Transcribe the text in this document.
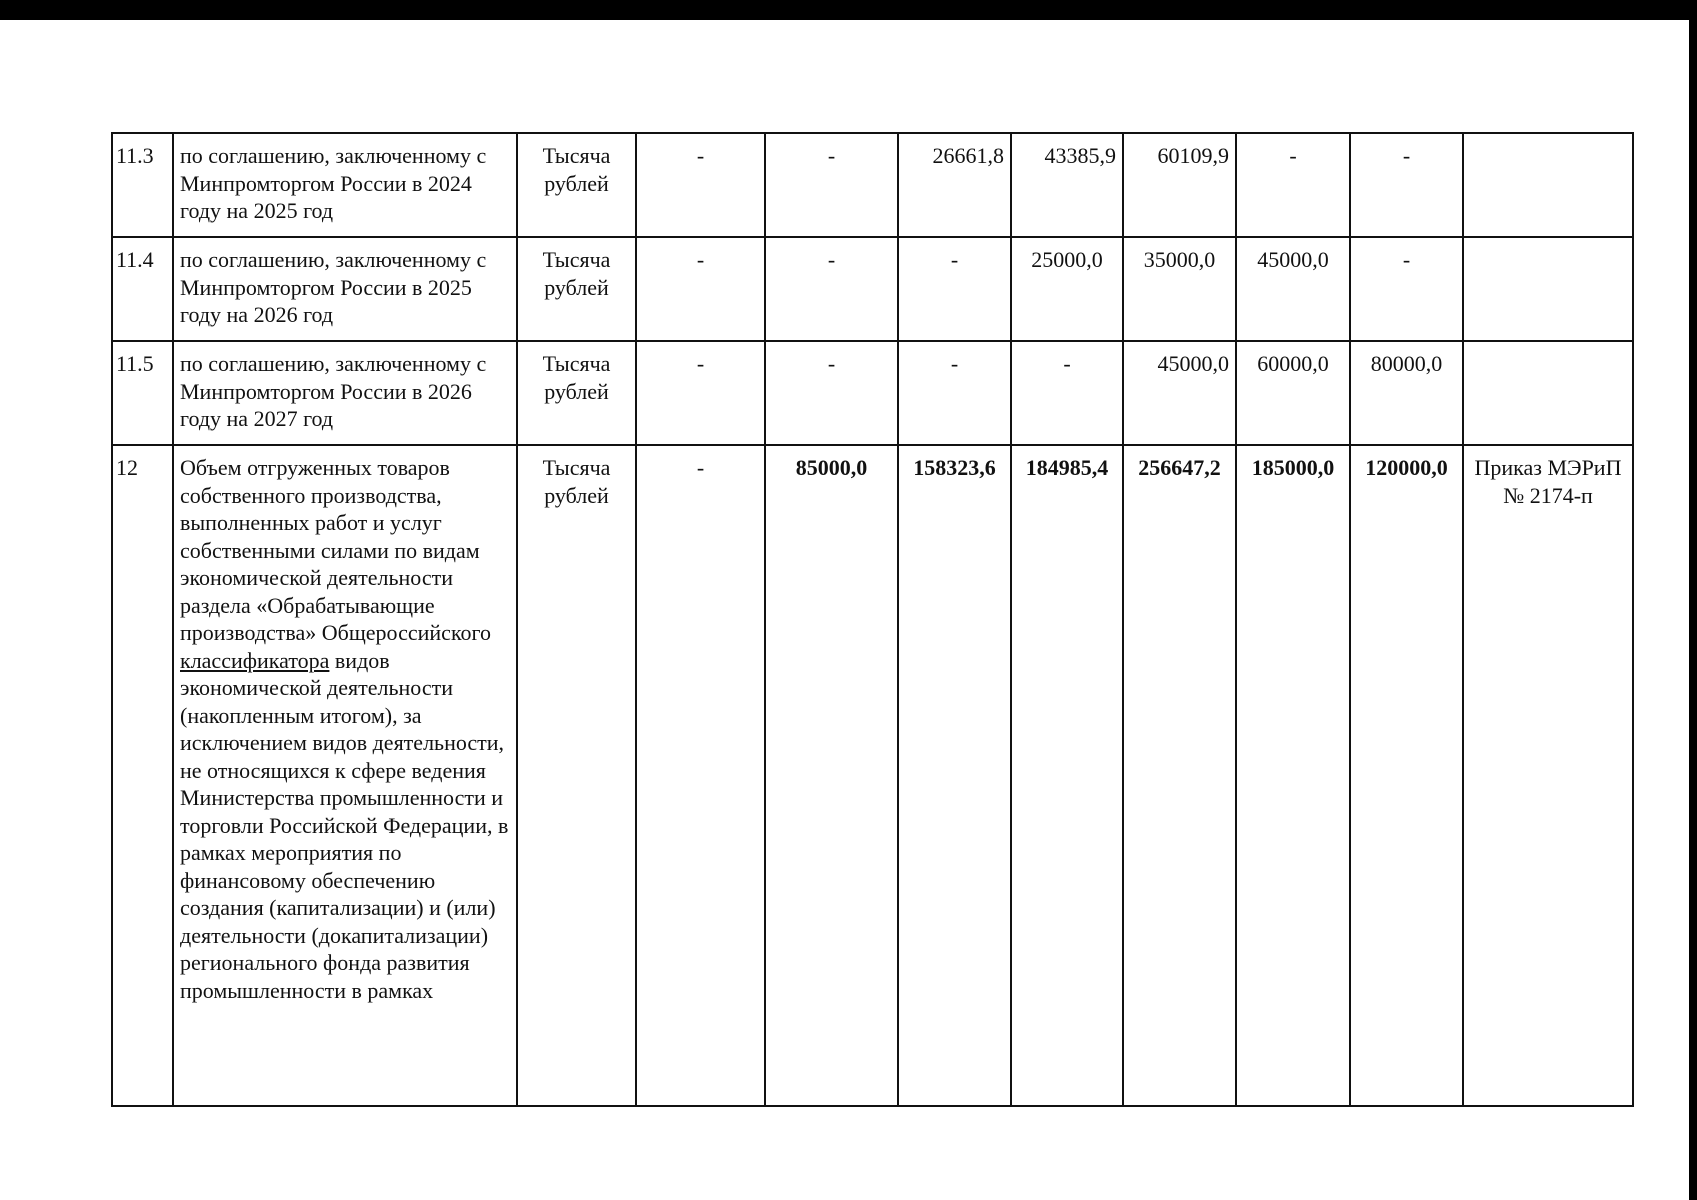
11.3	по соглашению, заключенному с Минпромторгом России в 2024 году на 2025 год	Тысяча рублей	-	-	26661,8	43385,9	60109,9	-	-	
11.4	по соглашению, заключенному с Минпромторгом России в 2025 году на 2026 год	Тысяча рублей	-	-	-	25000,0	35000,0	45000,0	-	
11.5	по соглашению, заключенному с Минпромторгом России в 2026 году на 2027 год	Тысяча рублей	-	-	-	-	45000,0	60000,0	80000,0	
12	Объем отгруженных товаров собственного производства, выполненных работ и услуг собственными силами по видам экономической деятельности раздела «Обрабатывающие производства» Общероссийского классификатора видов экономической деятельности (накопленным итогом), за исключением видов деятельности, не относящихся к сфере ведения Министерства промышленности и торговли Российской Федерации, в рамках мероприятия по финансовому обеспечению создания (капитализации) и (или) деятельности (докапитализации) регионального фонда развития промышленности в рамках	Тысяча рублей	-	85000,0	158323,6	184985,4	256647,2	185000,0	120000,0	Приказ МЭРиП № 2174-п
